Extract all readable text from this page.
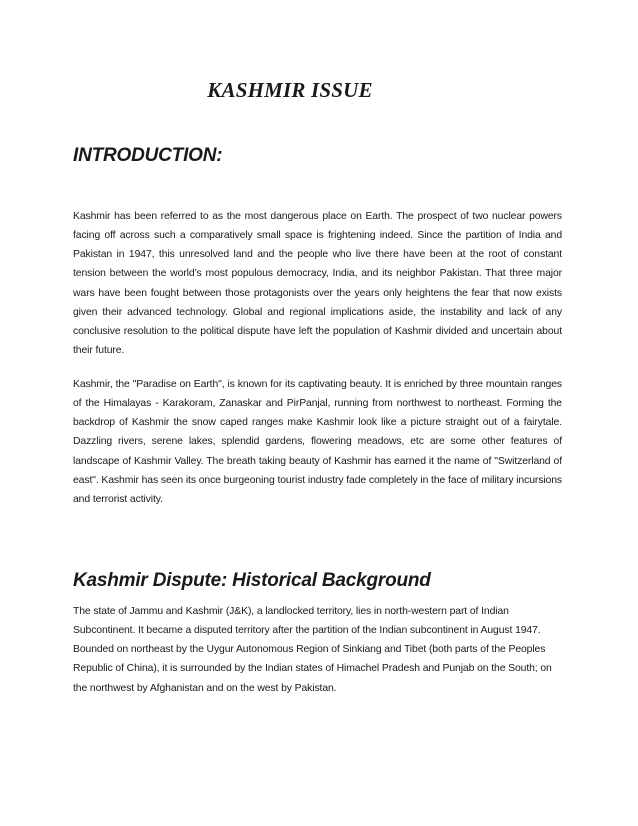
KASHMIR ISSUE
INTRODUCTION:

Kashmir has been referred to as the most dangerous place on Earth. The prospect of two nuclear powers facing off across such a comparatively small space is frightening indeed. Since the partition of India and Pakistan in 1947, this unresolved land and the people who live there have been at the root of constant tension between the world’s most populous democracy, India, and its neighbor Pakistan. That three major wars have been fought between those protagonists over the years only heightens the fear that now exists given their advanced technology. Global and regional implications aside, the instability and lack of any conclusive resolution to the political dispute have left the population of Kashmir divided and uncertain about their future.

Kashmir, the "Paradise on Earth", is known for its captivating beauty. It is enriched by three mountain ranges of the Himalayas - Karakoram, Zanaskar and PirPanjal, running from northwest to northeast. Forming the backdrop of Kashmir the snow caped ranges make Kashmir look like a picture straight out of a fairytale. Dazzling rivers, serene lakes, splendid gardens, flowering meadows, etc are some other features of landscape of Kashmir Valley. The breath taking beauty of Kashmir has earned it the name of "Switzerland of east". Kashmir has seen its once burgeoning tourist industry fade completely in the face of military incursions and terrorist activity.

Kashmir Dispute: Historical Background

The state of Jammu and Kashmir (J&K), a landlocked territory, lies in north-western part of Indian Subcontinent. It became a disputed territory after the partition of the Indian subcontinent in August 1947. Bounded on northeast by the Uygur Autonomous Region of Sinkiang and Tibet (both parts of the Peoples Republic of China), it is surrounded by the Indian states of Himachel Pradesh and Punjab on the South; on the northwest by Afghanistan and on the west by Pakistan.
